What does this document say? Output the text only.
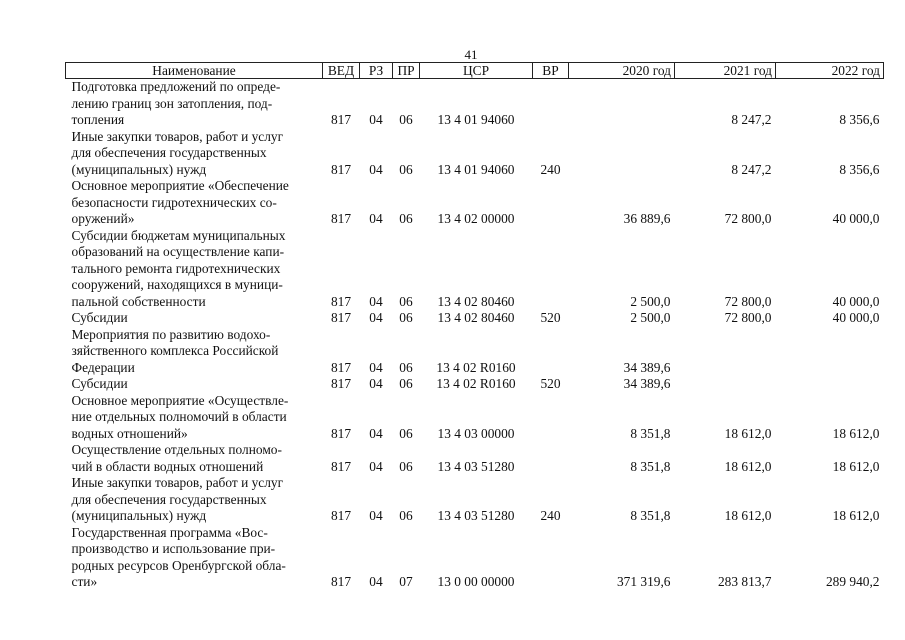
41
Наименование	ВЕД	РЗ	ПР	ЦСР	ВР	2020 год	2021 год	2022 год

Подготовка предложений по опреде-
лению границ зон затопления, под-
топления	817	04	06	13 4 01 94060			8 247,2	8 356,6

Иные закупки товаров, работ и услуг
для обеспечения государственных
(муниципальных) нужд	817	04	06	13 4 01 94060	240		8 247,2	8 356,6

Основное мероприятие «Обеспечение
безопасности гидротехнических со-
оружений»	817	04	06	13 4 02 00000		36 889,6	72 800,0	40 000,0

Субсидии бюджетам муниципальных
образований на осуществление капи-
тального ремонта гидротехнических
сооружений, находящихся в муници-
пальной собственности	817	04	06	13 4 02 80460		2 500,0	72 800,0	40 000,0

Субсидии	817	04	06	13 4 02 80460	520	2 500,0	72 800,0	40 000,0

Мероприятия по развитию водохо-
зяйственного комплекса Российской
Федерации	817	04	06	13 4 02 R0160		34 389,6		

Субсидии	817	04	06	13 4 02 R0160	520	34 389,6		

Основное мероприятие «Осуществле-
ние отдельных полномочий в области
водных отношений»	817	04	06	13 4 03 00000		8 351,8	18 612,0	18 612,0

Осуществление отдельных полномо-
чий в области водных отношений	817	04	06	13 4 03 51280		8 351,8	18 612,0	18 612,0

Иные закупки товаров, работ и услуг
для обеспечения государственных
(муниципальных) нужд	817	04	06	13 4 03 51280	240	8 351,8	18 612,0	18 612,0

Государственная программа «Вос-
производство и использование при-
родных ресурсов Оренбургской обла-
сти»	817	04	07	13 0 00 00000		371 319,6	283 813,7	289 940,2
